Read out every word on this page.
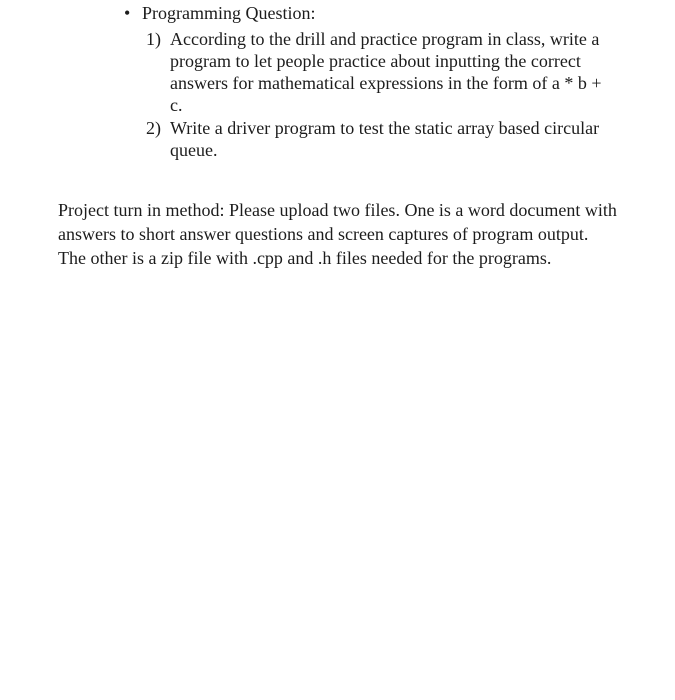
• Programming Question:
1) According to the drill and practice program in class, write a program to let people practice about inputting the correct answers for mathematical expressions in the form of a * b + c.
2) Write a driver program to test the static array based circular queue.

Project turn in method: Please upload two files. One is a word document with answers to short answer questions and screen captures of program output. The other is a zip file with .cpp and .h files needed for the programs.
